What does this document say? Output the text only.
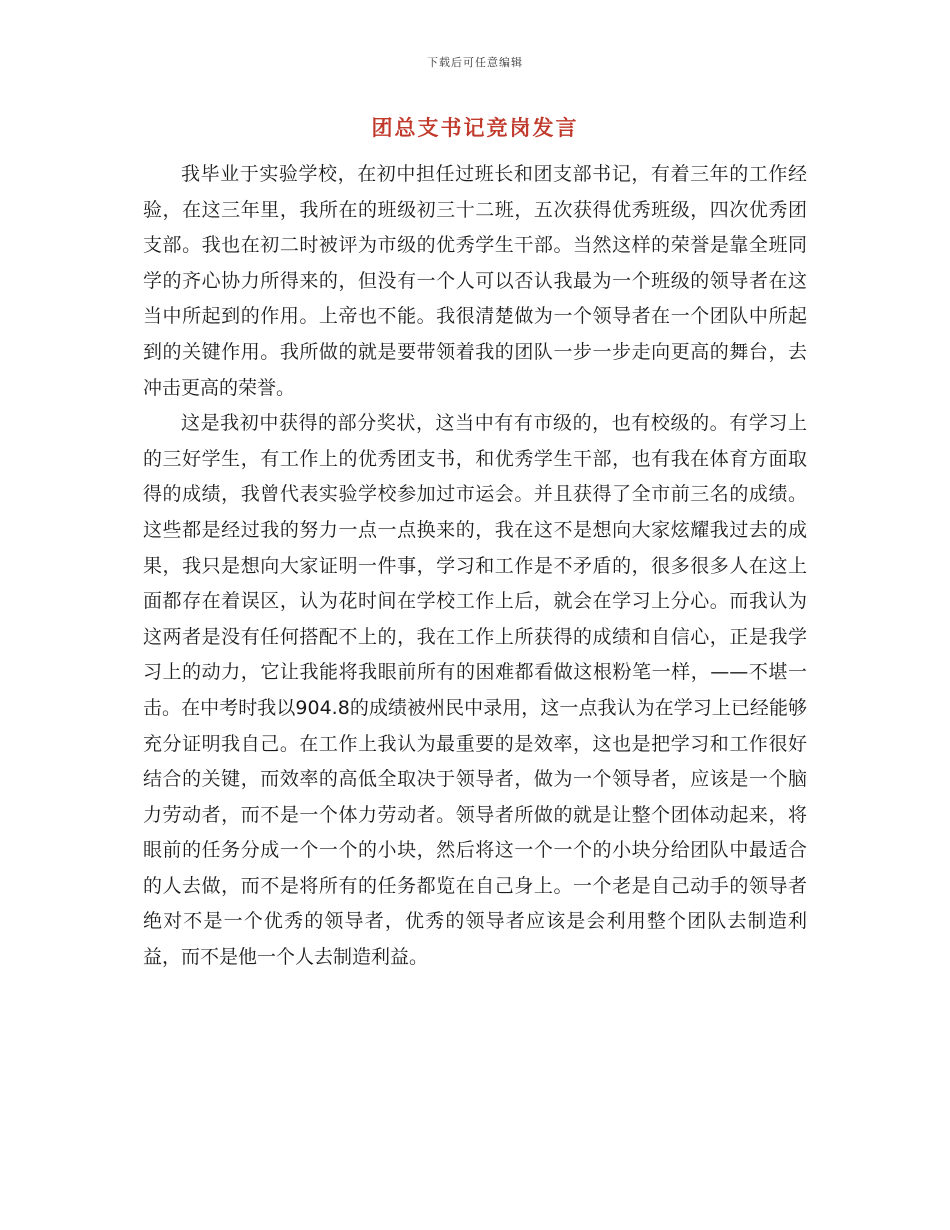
下载后可任意编辑
团总支书记竞岗发言

我毕业于实验学校，在初中担任过班长和团支部书记，有着三年的工作经验，在这三年里，我所在的班级初三十二班，五次获得优秀班级，四次优秀团支部。我也在初二时被评为市级的优秀学生干部。当然这样的荣誉是靠全班同学的齐心协力所得来的，但没有一个人可以否认我最为一个班级的领导者在这当中所起到的作用。上帝也不能。我很清楚做为一个领导者在一个团队中所起到的关键作用。我所做的就是要带领着我的团队一步一步走向更高的舞台，去冲击更高的荣誉。

这是我初中获得的部分奖状，这当中有有市级的，也有校级的。有学习上的三好学生，有工作上的优秀团支书，和优秀学生干部，也有我在体育方面取得的成绩，我曾代表实验学校参加过市运会。并且获得了全市前三名的成绩。这些都是经过我的努力一点一点换来的，我在这不是想向大家炫耀我过去的成果，我只是想向大家证明一件事，学习和工作是不矛盾的，很多很多人在这上面都存在着误区，认为花时间在学校工作上后，就会在学习上分心。而我认为这两者是没有任何搭配不上的，我在工作上所获得的成绩和自信心，正是我学习上的动力，它让我能将我眼前所有的困难都看做这根粉笔一样，——不堪一击。在中考时我以904.8的成绩被州民中录用，这一点我认为在学习上已经能够充分证明我自己。在工作上我认为最重要的是效率，这也是把学习和工作很好结合的关键，而效率的高低全取决于领导者，做为一个领导者，应该是一个脑力劳动者，而不是一个体力劳动者。领导者所做的就是让整个团体动起来，将眼前的任务分成一个一个的小块，然后将这一个一个的小块分给团队中最适合的人去做，而不是将所有的任务都览在自己身上。一个老是自己动手的领导者绝对不是一个优秀的领导者，优秀的领导者应该是会利用整个团队去制造利益，而不是他一个人去制造利益。
